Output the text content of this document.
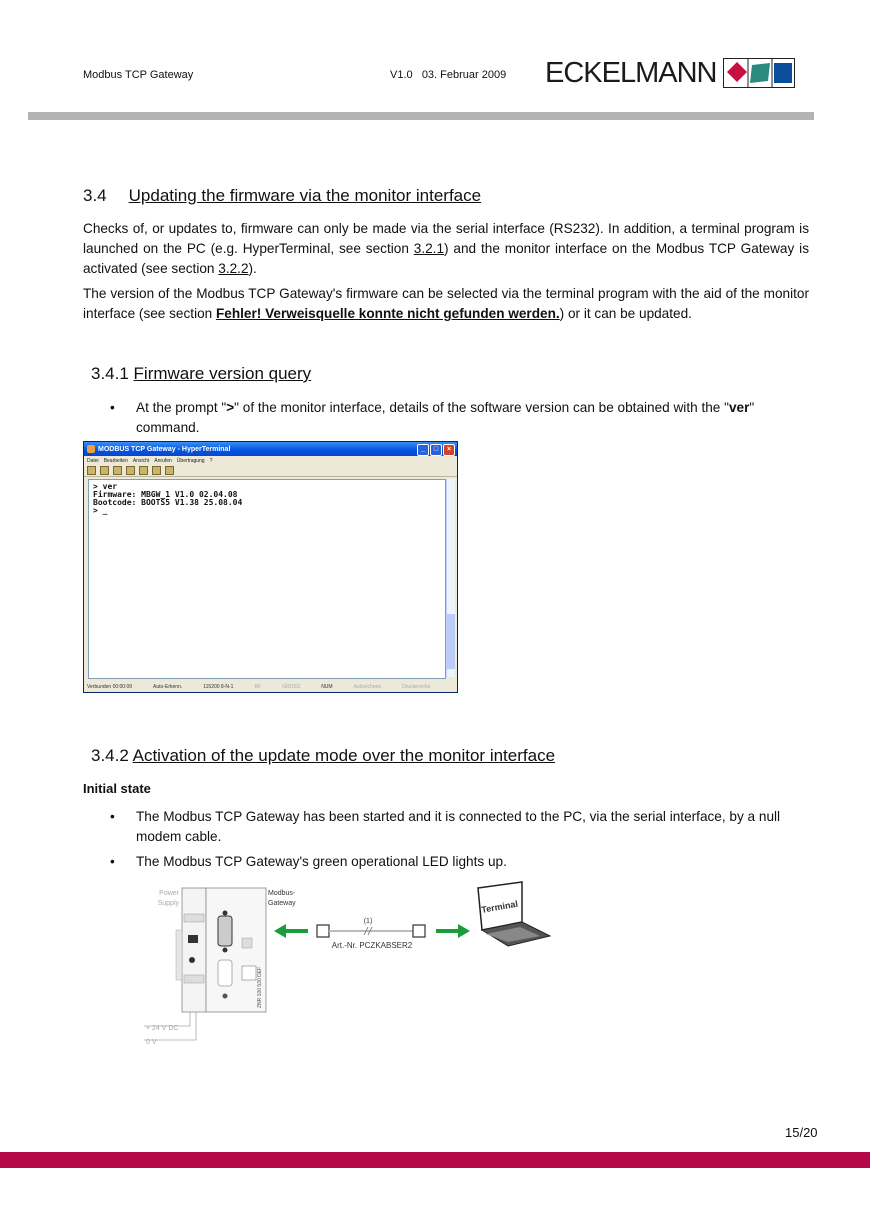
Modbus TCP Gateway	V1.0 03. Februar 2009 ECKELMANN
3.4 Updating the firmware via the monitor interface

Checks of, or updates to, firmware can only be made via the serial interface (RS232). In addition, a terminal program is launched on the PC (e.g. HyperTerminal, see section 3.2.1) and the monitor interface on the Modbus TCP Gateway is activated (see section 3.2.2).

The version of the Modbus TCP Gateway's firmware can be selected via the terminal program with the aid of the monitor interface (see section Fehler! Verweisquelle konnte nicht gefunden werden.) or it can be updated.

3.4.1 Firmware version query
•	At the prompt ">" of the monitor interface, details of the software version can be obtained with the "ver" command.
MODBUS TCP Gateway - HyperTerminal	_	□	×
Datei Bearbeiten Ansicht Anrufen Übertragung ?
> ver
Firmware: MBGW_1 V1.0 02.04.08
Bootcode: BOOTS5 V1.38 25.08.04
> _
Verbunden 00:00:09	Auto-Erkenn.	115200 8-N-1	RF	GROSS	NUM	Aufzeichnen	Druckerecho
3.4.2 Activation of the update mode over the monitor interface
Initial state
•	The Modbus TCP Gateway has been started and it is connected to the PC, via the serial interface, by a null modem cable.
•	The Modbus TCP Gateway's green operational LED lights up.
Power
Supply
Modbus-
Gateway
ZNR 100 530 DEF
+ 24 V DC
0 V
(1)
Art.-Nr. PCZKABSER2
Terminal
15/20
